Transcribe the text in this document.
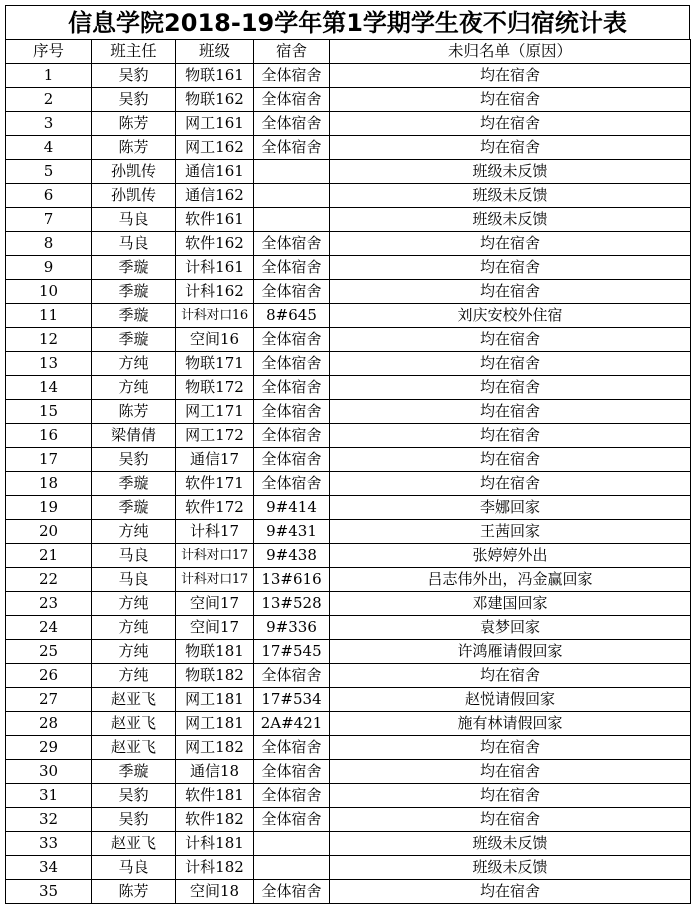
信息学院2018-19学年第1学期学生夜不归宿统计表
序号	班主任	班级	宿舍	未归名单（原因）
1	吴豹	物联161	全体宿舍	均在宿舍
2	吴豹	物联162	全体宿舍	均在宿舍
3	陈芳	网工161	全体宿舍	均在宿舍
4	陈芳	网工162	全体宿舍	均在宿舍
5	孙凯传	通信161		班级未反馈
6	孙凯传	通信162		班级未反馈
7	马良	软件161		班级未反馈
8	马良	软件162	全体宿舍	均在宿舍
9	季璇	计科161	全体宿舍	均在宿舍
10	季璇	计科162	全体宿舍	均在宿舍
11	季璇	计科对口16	8#645	刘庆安校外住宿
12	季璇	空间16	全体宿舍	均在宿舍
13	方纯	物联171	全体宿舍	均在宿舍
14	方纯	物联172	全体宿舍	均在宿舍
15	陈芳	网工171	全体宿舍	均在宿舍
16	梁倩倩	网工172	全体宿舍	均在宿舍
17	吴豹	通信17	全体宿舍	均在宿舍
18	季璇	软件171	全体宿舍	均在宿舍
19	季璇	软件172	9#414	李娜回家
20	方纯	计科17	9#431	王茜回家
21	马良	计科对口17	9#438	张婷婷外出
22	马良	计科对口17	13#616	吕志伟外出，冯金赢回家
23	方纯	空间17	13#528	邓建国回家
24	方纯	空间17	9#336	袁梦回家
25	方纯	物联181	17#545	许鸿雁请假回家
26	方纯	物联182	全体宿舍	均在宿舍
27	赵亚飞	网工181	17#534	赵悦请假回家
28	赵亚飞	网工181	2A#421	施有林请假回家
29	赵亚飞	网工182	全体宿舍	均在宿舍
30	季璇	通信18	全体宿舍	均在宿舍
31	吴豹	软件181	全体宿舍	均在宿舍
32	吴豹	软件182	全体宿舍	均在宿舍
33	赵亚飞	计科181		班级未反馈
34	马良	计科182		班级未反馈
35	陈芳	空间18	全体宿舍	均在宿舍
